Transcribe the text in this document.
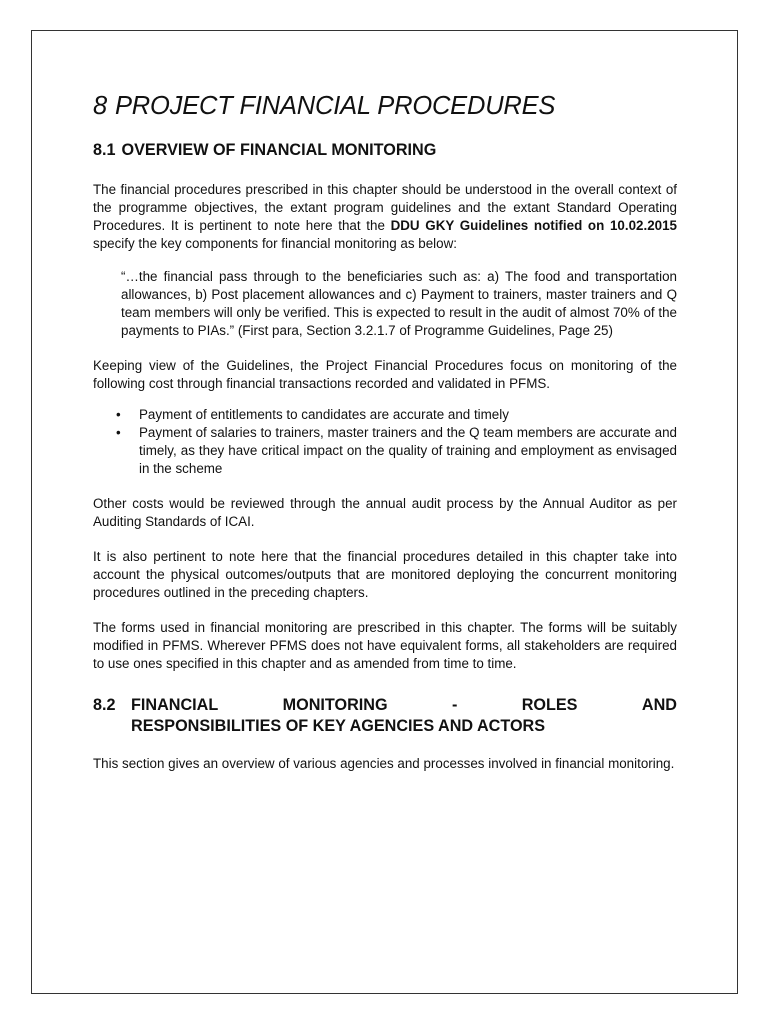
8 PROJECT FINANCIAL PROCEDURES
8.1 OVERVIEW OF FINANCIAL MONITORING

The financial procedures prescribed in this chapter should be understood in the overall context of the programme objectives, the extant program guidelines and the extant Standard Operating Procedures. It is pertinent to note here that the DDU GKY Guidelines notified on 10.02.2015 specify the key components for financial monitoring as below:

“…the financial pass through to the beneficiaries such as: a) The food and transportation allowances, b) Post placement allowances and c) Payment to trainers, master trainers and Q team members will only be verified. This is expected to result in the audit of almost 70% of the payments to PIAs.” (First para, Section 3.2.1.7 of Programme Guidelines, Page 25)

Keeping view of the Guidelines, the Project Financial Procedures focus on monitoring of the following cost through financial transactions recorded and validated in PFMS.

• Payment of entitlements to candidates are accurate and timely
• Payment of salaries to trainers, master trainers and the Q team members are accurate and timely, as they have critical impact on the quality of training and employment as envisaged in the scheme

Other costs would be reviewed through the annual audit process by the Annual Auditor as per Auditing Standards of ICAI.

It is also pertinent to note here that the financial procedures detailed in this chapter take into account the physical outcomes/outputs that are monitored deploying the concurrent monitoring procedures outlined in the preceding chapters.

The forms used in financial monitoring are prescribed in this chapter. The forms will be suitably modified in PFMS. Wherever PFMS does not have equivalent forms, all stakeholders are required to use ones specified in this chapter and as amended from time to time.

8.2 FINANCIAL	MONITORING	-	ROLES	AND
RESPONSIBILITIES OF KEY AGENCIES AND ACTORS

This section gives an overview of various agencies and processes involved in financial monitoring.
